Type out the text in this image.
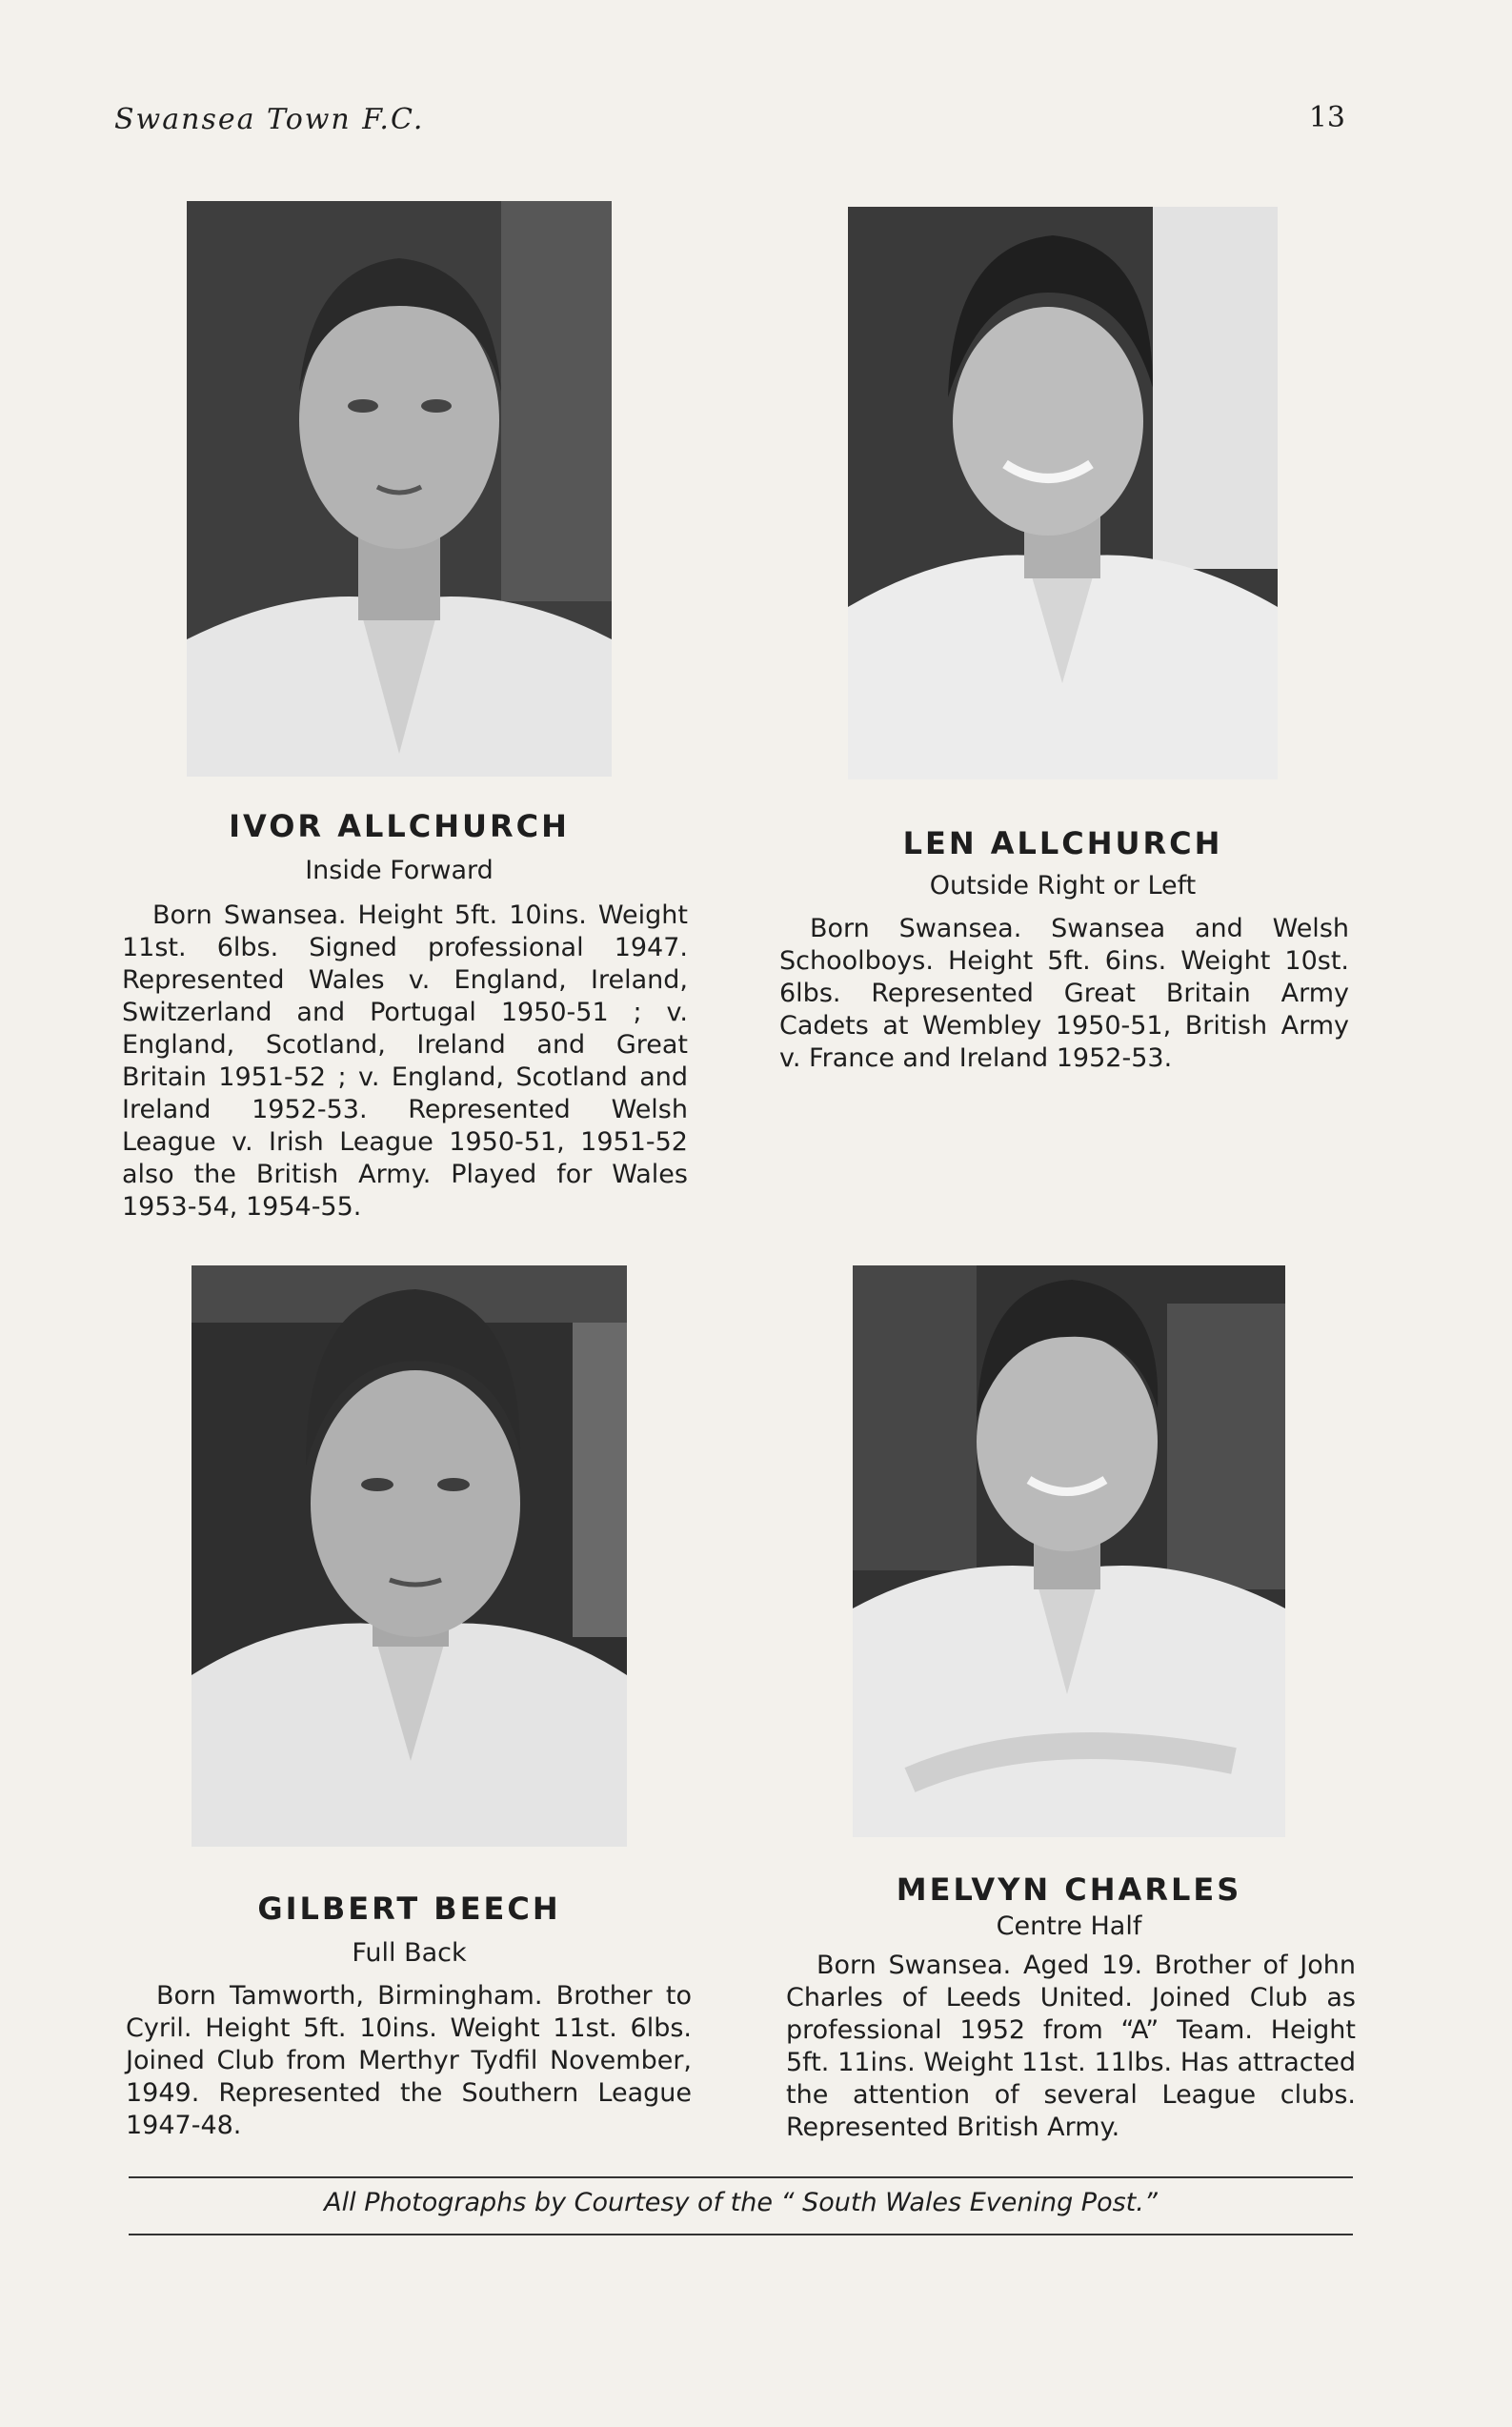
Swansea Town F.C.	13
IVOR ALLCHURCH
Inside Forward
Born Swansea. Height 5ft. 10ins. Weight 11st. 6lbs. Signed professional 1947. Represented Wales v. England, Ireland, Switzerland and Portugal 1950-51 ; v. England, Scotland, Ireland and Great Britain 1951-52 ; v. England, Scotland and Ireland 1952-53. Represented Welsh League v. Irish League 1950-51, 1951-52 also the British Army. Played for Wales 1953-54, 1954-55.
LEN ALLCHURCH
Outside Right or Left
Born Swansea. Swansea and Welsh Schoolboys. Height 5ft. 6ins. Weight 10st. 6lbs. Represented Great Britain Army Cadets at Wembley 1950-51, British Army v. France and Ireland 1952-53.
GILBERT BEECH
Full Back
Born Tamworth, Birmingham. Brother to Cyril. Height 5ft. 10ins. Weight 11st. 6lbs. Joined Club from Merthyr Tydfil November, 1949. Represented the Southern League 1947-48.
MELVYN CHARLES
Centre Half
Born Swansea. Aged 19. Brother of John Charles of Leeds United. Joined Club as professional 1952 from “A” Team. Height 5ft. 11ins. Weight 11st. 11lbs. Has attracted the attention of several League clubs. Represented British Army.
All Photographs by Courtesy of the “ South Wales Evening Post.”
